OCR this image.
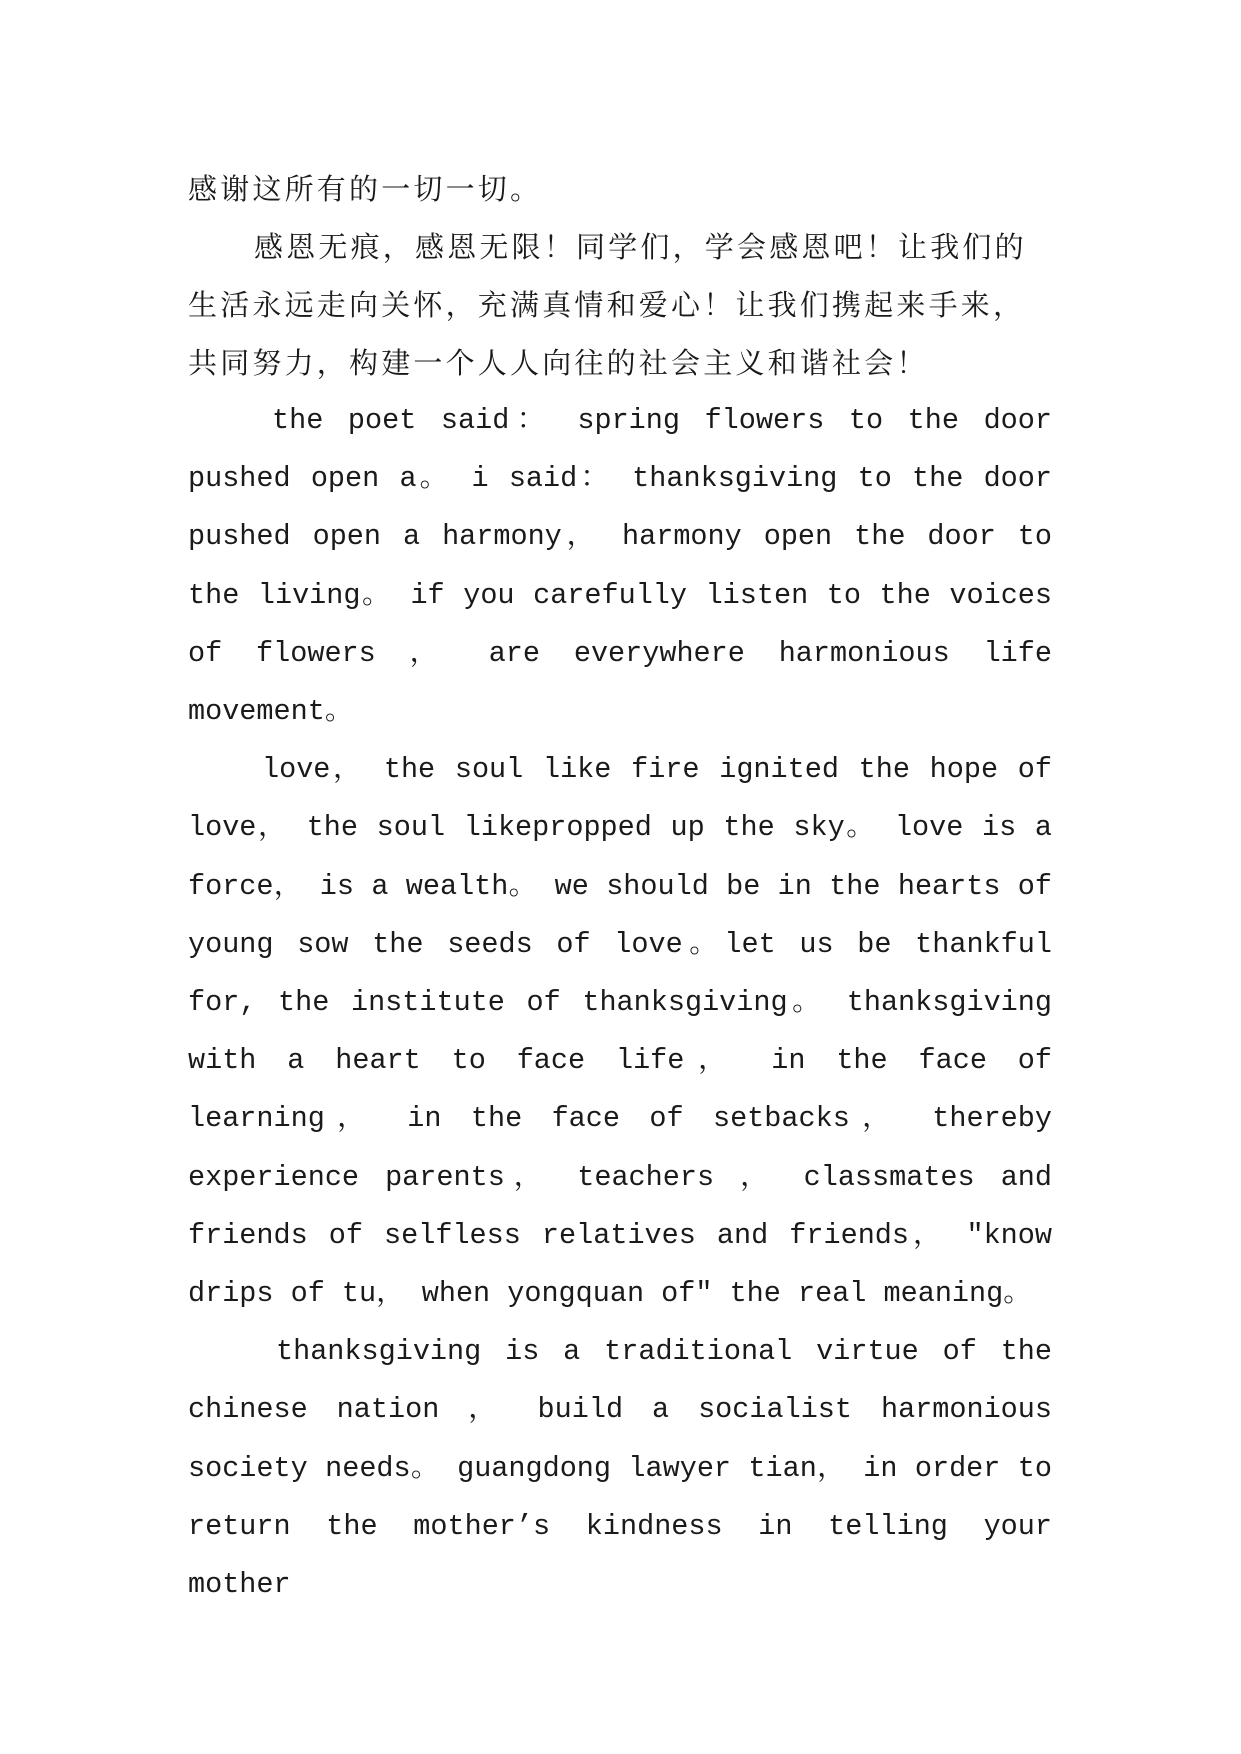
感谢这所有的一切一切。

感恩无痕，感恩无限！同学们，学会感恩吧！让我们的生活永远走向关怀，充满真情和爱心！让我们携起来手来，共同努力，构建一个人人向往的社会主义和谐社会！

the poet said： spring flowers to the door pushed open a。 i said： thanksgiving to the door pushed open a harmony， harmony open the door to the living。 if you carefully listen to the voices of flowers ， are everywhere harmonious life movement。

love， the soul like fire ignited the hope of love， the soul likepropped up the sky。 love is a force， is a wealth。 we should be in the hearts of young sow the seeds of love。let us be thankful for, the institute of thanksgiving。 thanksgiving with a heart to face life， in the face of learning， in the face of setbacks， thereby experience parents， teachers ， classmates and friends of selfless relatives and friends， "know drips of tu， when yongquan of" the real meaning。

thanksgiving is a traditional virtue of the chinese nation ， build a socialist harmonious society needs。 guangdong lawyer tian， in order to return the mother’s kindness in telling your mother
